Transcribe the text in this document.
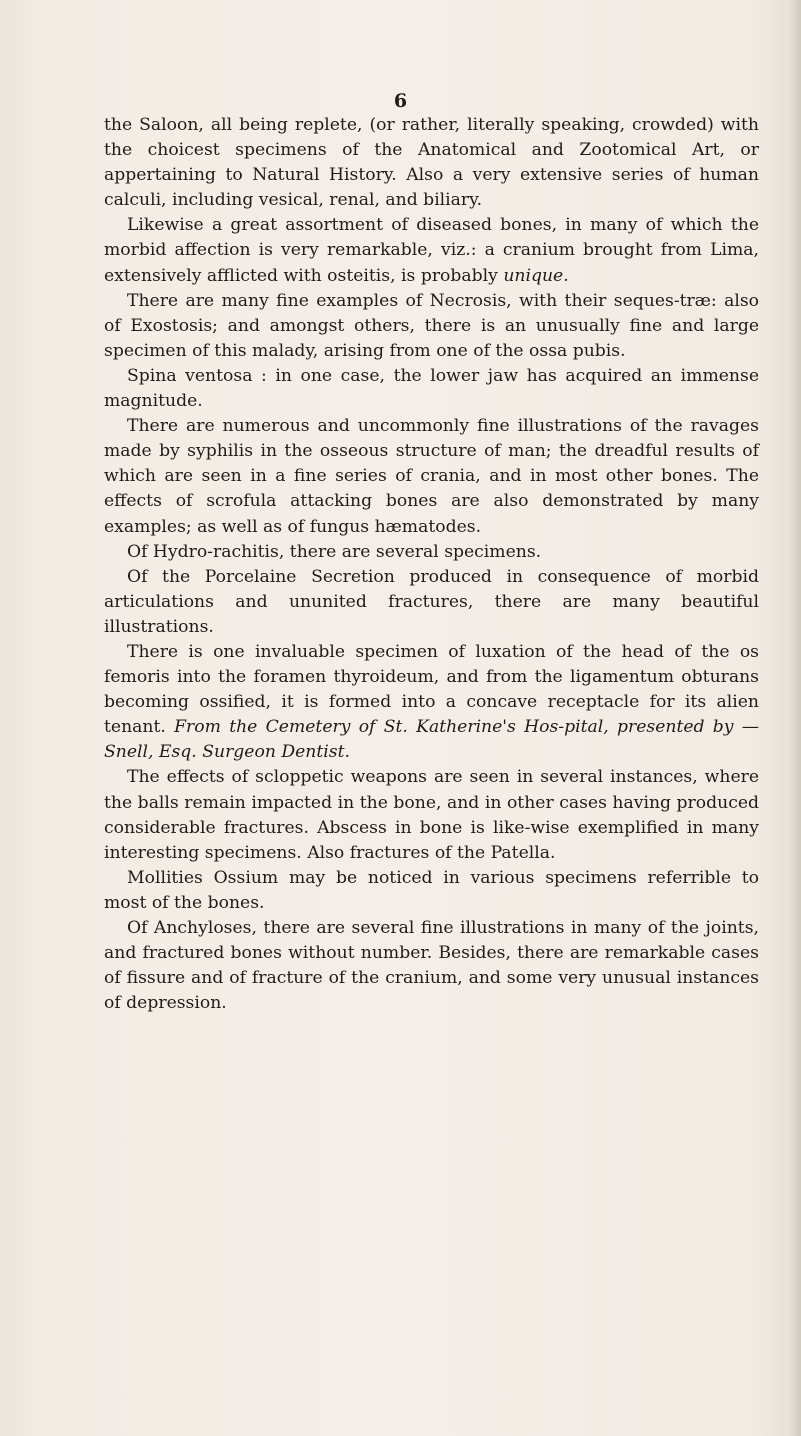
6

the Saloon, all being replete, (or rather, literally speaking, crowded) with the choicest specimens of the Anatomical and Zootomical Art, or appertaining to Natural History. Also a very extensive series of human calculi, including vesical, renal, and biliary.

Likewise a great assortment of diseased bones, in many of which the morbid affection is very remarkable, viz.: a cranium brought from Lima, extensively afflicted with osteitis, is probably unique.

There are many fine examples of Necrosis, with their seques-træ: also of Exostosis; and amongst others, there is an unusually fine and large specimen of this malady, arising from one of the ossa pubis.

Spina ventosa : in one case, the lower jaw has acquired an immense magnitude.

There are numerous and uncommonly fine illustrations of the ravages made by syphilis in the osseous structure of man; the dreadful results of which are seen in a fine series of crania, and in most other bones. The effects of scrofula attacking bones are also demonstrated by many examples; as well as of fungus hæmatodes.

Of Hydro-rachitis, there are several specimens.

Of the Porcelaine Secretion produced in consequence of morbid articulations and ununited fractures, there are many beautiful illustrations.

There is one invaluable specimen of luxation of the head of the os femoris into the foramen thyroideum, and from the ligamentum obturans becoming ossified, it is formed into a concave receptacle for its alien tenant. From the Cemetery of St. Katherine's Hos-pital, presented by — Snell, Esq. Surgeon Dentist.

The effects of scloppetic weapons are seen in several instances, where the balls remain impacted in the bone, and in other cases having produced considerable fractures. Abscess in bone is like-wise exemplified in many interesting specimens. Also fractures of the Patella.

Mollities Ossium may be noticed in various specimens referrible to most of the bones.

Of Anchyloses, there are several fine illustrations in many of the joints, and fractured bones without number. Besides, there are remarkable cases of fissure and of fracture of the cranium, and some very unusual instances of depression.
